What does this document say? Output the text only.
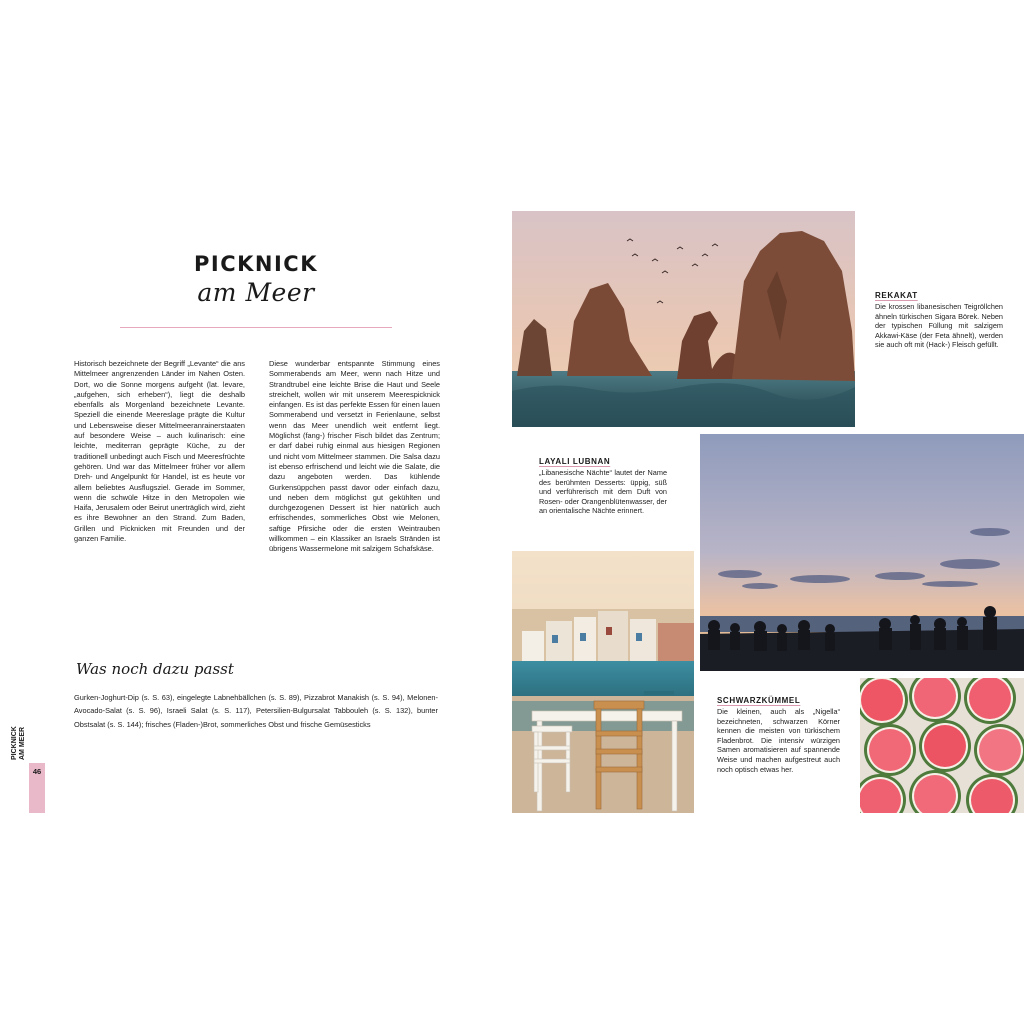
PICKNICK
am Meer
Historisch bezeichnete der Begriff „Levante“ die ans Mittelmeer angrenzenden Länder im Nahen Osten. Dort, wo die Sonne morgens aufgeht (lat. levare, „aufgehen, sich erheben“), liegt die deshalb ebenfalls als Morgenland bezeichnete Levante. Speziell die einende Meereslage prägte die Kultur und Lebensweise dieser Mittelmeeranrainerstaaten auf besondere Weise – auch kulinarisch: eine leichte, mediterran geprägte Küche, zu der traditionell unbedingt auch Fisch und Meeresfrüchte gehören. Und war das Mittelmeer früher vor allem Dreh- und Angelpunkt für Handel, ist es heute vor allem beliebtes Ausflugsziel. Gerade im Sommer, wenn die schwüle Hitze in den Metropolen wie Haifa, Jerusalem oder Beirut unerträglich wird, zieht es ihre Bewohner an den Strand. Zum Baden, Grillen und Picknicken mit Freunden und der ganzen Familie.
Diese wunderbar entspannte Stimmung eines Sommerabends am Meer, wenn nach Hitze und Strandtrubel eine leichte Brise die Haut und Seele streichelt, wollen wir mit unserem Meerespicknick einfangen. Es ist das perfekte Essen für einen lauen Sommerabend und versetzt in Ferienlaune, selbst wenn das Meer unendlich weit entfernt liegt. Möglichst (fang-) frischer Fisch bildet das Zentrum; er darf dabei ruhig einmal aus hiesigen Regionen und nicht vom Mittelmeer stammen. Die Salsa dazu ist ebenso erfrischend und leicht wie die Salate, die dazu angeboten werden. Das kühlende Gurkensüppchen passt davor oder einfach dazu, und neben dem möglichst gut gekühlten und durchgezogenen Dessert ist hier natürlich auch erfrischendes, sommerliches Obst wie Melonen, saftige Pfirsiche oder die ersten Weintrauben willkommen – ein Klassiker an Israels Stränden ist übrigens Wassermelone mit salzigem Schafskäse.
Was noch dazu passt
Gurken-Joghurt-Dip (s. S. 63), eingelegte Labnehbällchen (s. S. 89), Pizzabrot Manakish (s. S. 94), Melonen-Avocado-Salat (s. S. 96), Israeli Salat (s. S. 117), Petersilien-Bulgursalat Tabbouleh (s. S. 132), bunter Obstsalat (s. S. 144); frisches (Fladen-)Brot, sommerliches Obst und frische Gemüsesticks
PICKNICK AM MEER
46
REKAKAT
Die krossen libanesischen Teigröllchen ähneln türkischen Sigara Börek. Neben der typischen Füllung mit salzigem Akkawi-Käse (der Feta ähnelt), werden sie auch oft mit (Hack-) Fleisch gefüllt.
LAYALI LUBNAN
„Libanesische Nächte“ lautet der Name des berühmten Desserts: üppig, süß und verführerisch mit dem Duft von Rosen- oder Orangenblütenwasser, der an orientalische Nächte erinnert.
SCHWARZKÜMMEL
Die kleinen, auch als „Nigella“ bezeichneten, schwarzen Körner kennen die meisten von türkischem Fladenbrot. Die intensiv würzigen Samen aromatisieren auf spannende Weise und machen aufgestreut auch noch optisch etwas her.
